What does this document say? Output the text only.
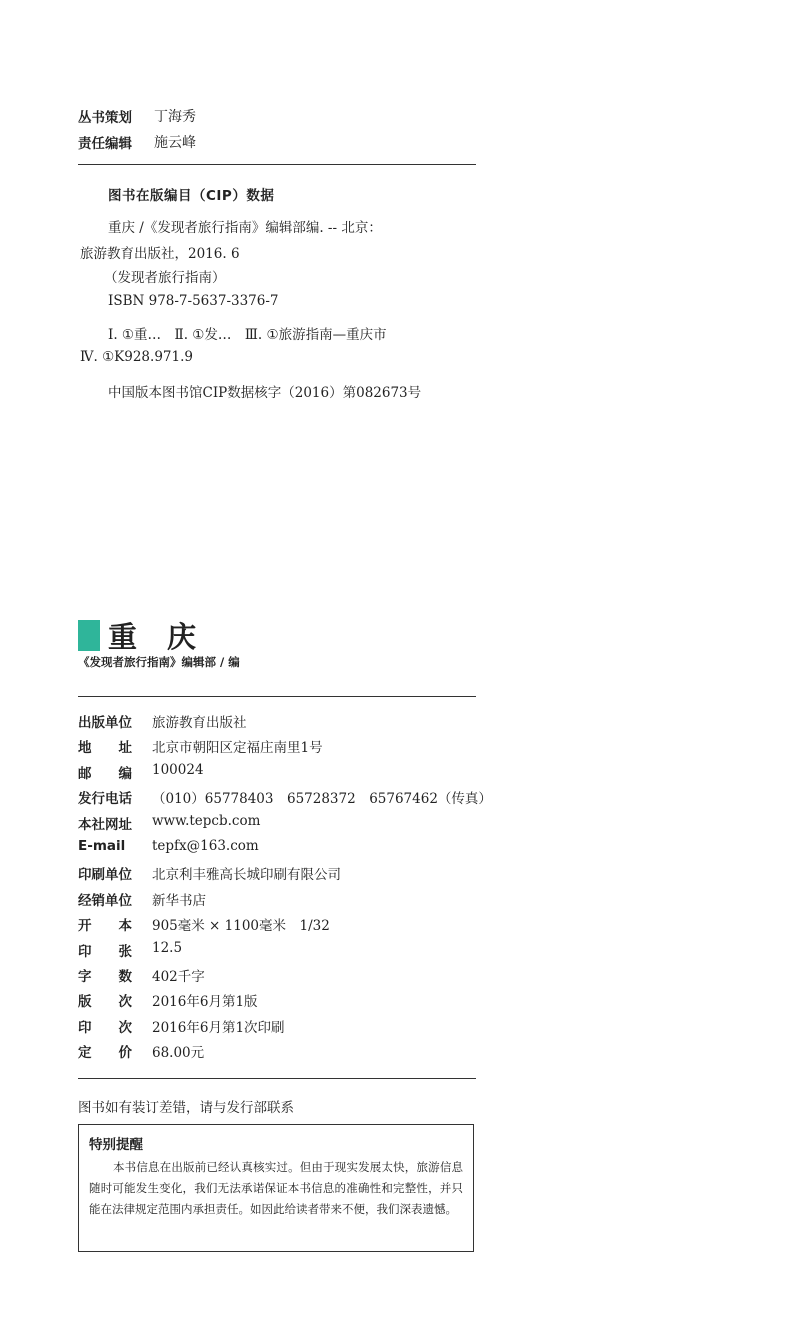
丛书策划	丁海秀
责任编辑	施云峰
图书在版编目（CIP）数据
重庆 /《发现者旅行指南》编辑部编. -- 北京：
旅游教育出版社，2016. 6
（发现者旅行指南）
ISBN 978-7-5637-3376-7
Ⅰ. ①重…　Ⅱ. ①发…　Ⅲ. ①旅游指南—重庆市
Ⅳ. ①K928.971.9
中国版本图书馆CIP数据核字（2016）第082673号
重庆
《发现者旅行指南》编辑部 / 编
出版单位	旅游教育出版社
地　　址	北京市朝阳区定福庄南里1号
邮　　编	100024
发行电话	（010）65778403　65728372　65767462（传真）
本社网址	www.tepcb.com
E-mail	tepfx@163.com
印刷单位	北京利丰雅高长城印刷有限公司
经销单位	新华书店
开　　本	905毫米 × 1100毫米　1/32
印　　张	12.5
字　　数	402千字
版　　次	2016年6月第1版
印　　次	2016年6月第1次印刷
定　　价	68.00元
图书如有装订差错，请与发行部联系
特别提醒
本书信息在出版前已经认真核实过。但由于现实发展太快，旅游信息随时可能发生变化，我们无法承诺保证本书信息的准确性和完整性，并只能在法律规定范围内承担责任。如因此给读者带来不便，我们深表遗憾。
